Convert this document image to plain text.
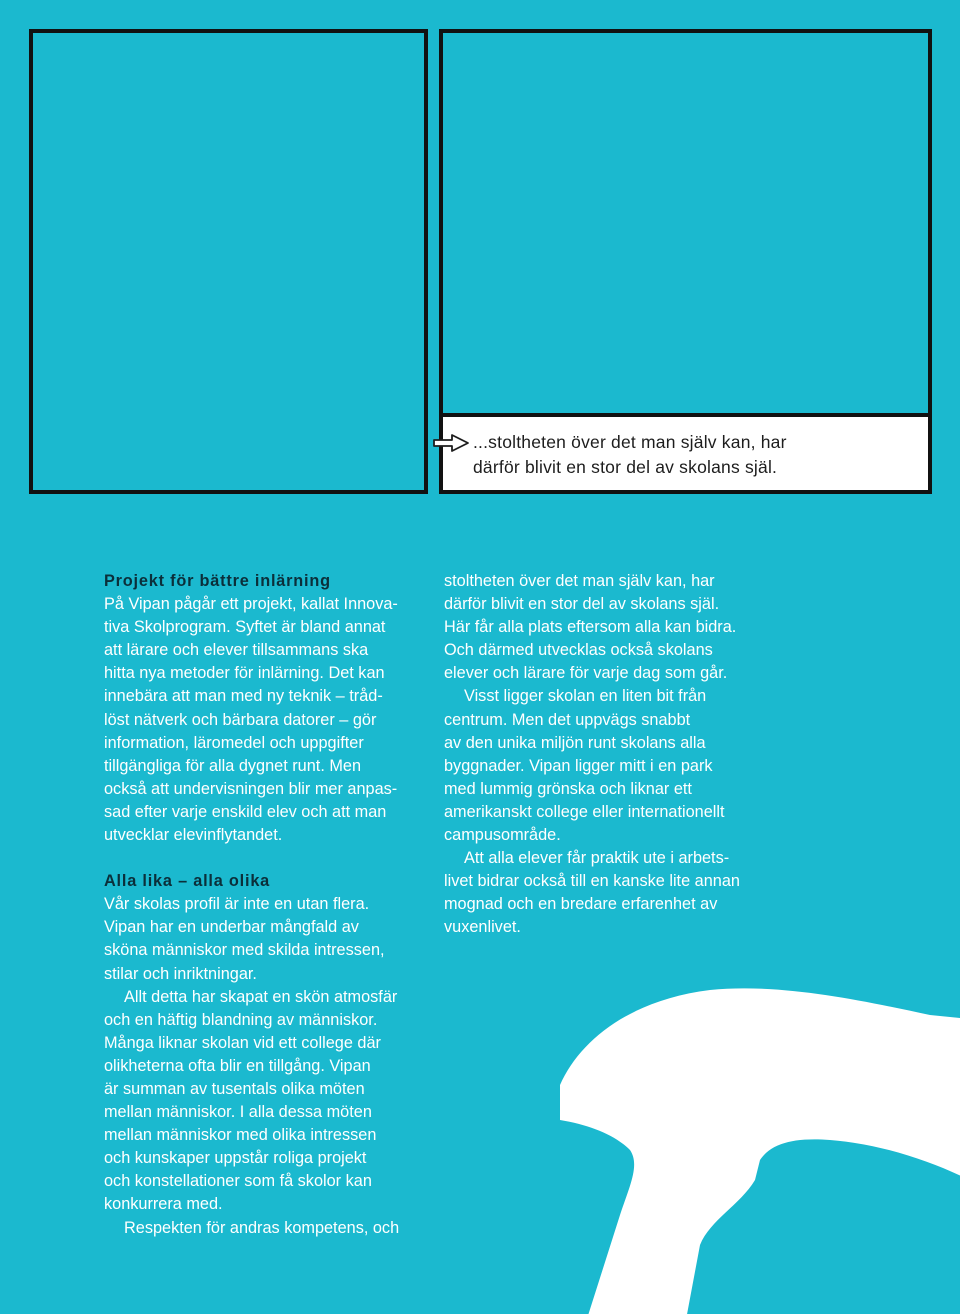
...stoltheten över det man själv kan, har
därför blivit en stor del av skolans själ.

Projekt för bättre inlärning

På Vipan pågår ett projekt, kallat Innova-
tiva Skolprogram. Syftet är bland annat
att lärare och elever tillsammans ska
hitta nya metoder för inlärning. Det kan
innebära att man med ny teknik – tråd-
löst nätverk och bärbara datorer – gör
information, läromedel och uppgifter
tillgängliga för alla dygnet runt. Men
också att undervisningen blir mer anpas-
sad efter varje enskild elev och att man
utvecklar elevinflytandet.

Alla lika – alla olika

Vår skolas profil är inte en utan flera.
Vipan har en underbar mångfald av
sköna människor med skilda intressen,
stilar och inriktningar.

Allt detta har skapat en skön atmosfär
och en häftig blandning av människor.
Många liknar skolan vid ett college där
olikheterna ofta blir en tillgång. Vipan
är summan av tusentals olika möten
mellan människor. I alla dessa möten
mellan människor med olika intressen
och kunskaper uppstår roliga projekt
och konstellationer som få skolor kan
konkurrera med.

Respekten för andras kompetens, och

stoltheten över det man själv kan, har
därför blivit en stor del av skolans själ.
Här får alla plats eftersom alla kan bidra.
Och därmed utvecklas också skolans
elever och lärare för varje dag som går.

Visst ligger skolan en liten bit från
centrum. Men det uppvägs snabbt
av den unika miljön runt skolans alla
byggnader. Vipan ligger mitt i en park
med lummig grönska och liknar ett
amerikanskt college eller internationellt
campusområde.

Att alla elever får praktik ute i arbets-
livet bidrar också till en kanske lite annan
mognad och en bredare erfarenhet av
vuxenlivet.
